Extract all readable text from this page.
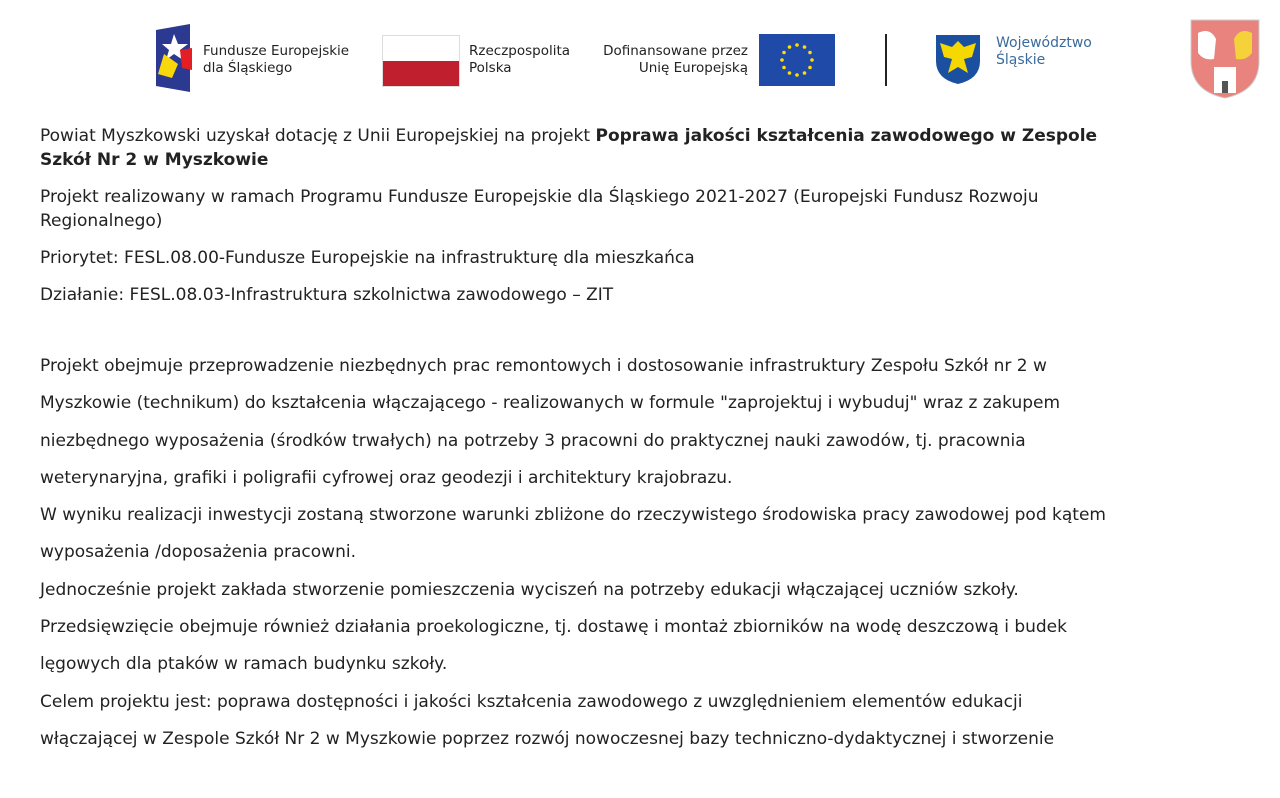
Fundusze Europejskie
dla Śląskiego
Rzeczpospolita
Polska
Dofinansowane przez
Unię Europejską
Województwo
Śląskie
Powiat Myszkowski uzyskał dotację z Unii Europejskiej na projekt Poprawa jakości kształcenia zawodowego w Zespole
Szkół Nr 2 w Myszkowie
Projekt realizowany w ramach Programu Fundusze Europejskie dla Śląskiego 2021-2027 (Europejski Fundusz Rozwoju
Regionalnego)
Priorytet: FESL.08.00-Fundusze Europejskie na infrastrukturę dla mieszkańca
Działanie: FESL.08.03-Infrastruktura szkolnictwa zawodowego – ZIT
Projekt obejmuje przeprowadzenie niezbędnych prac remontowych i dostosowanie infrastruktury Zespołu Szkół nr 2 w
Myszkowie (technikum) do kształcenia włączającego - realizowanych w formule "zaprojektuj i wybuduj" wraz z zakupem
niezbędnego wyposażenia (środków trwałych) na potrzeby 3 pracowni do praktycznej nauki zawodów, tj. pracownia
weterynaryjna, grafiki i poligrafii cyfrowej oraz geodezji i architektury krajobrazu.
W wyniku realizacji inwestycji zostaną stworzone warunki zbliżone do rzeczywistego środowiska pracy zawodowej pod kątem
wyposażenia /doposażenia pracowni.
Jednocześnie projekt zakłada stworzenie pomieszczenia wyciszeń na potrzeby edukacji włączającej uczniów szkoły.
Przedsięwzięcie obejmuje również działania proekologiczne, tj. dostawę i montaż zbiorników na wodę deszczową i budek
lęgowych dla ptaków w ramach budynku szkoły.
Celem projektu jest: poprawa dostępności i jakości kształcenia zawodowego z uwzględnieniem elementów edukacji
włączającej w Zespole Szkół Nr 2 w Myszkowie poprzez rozwój nowoczesnej bazy techniczno-dydaktycznej i stworzenie
